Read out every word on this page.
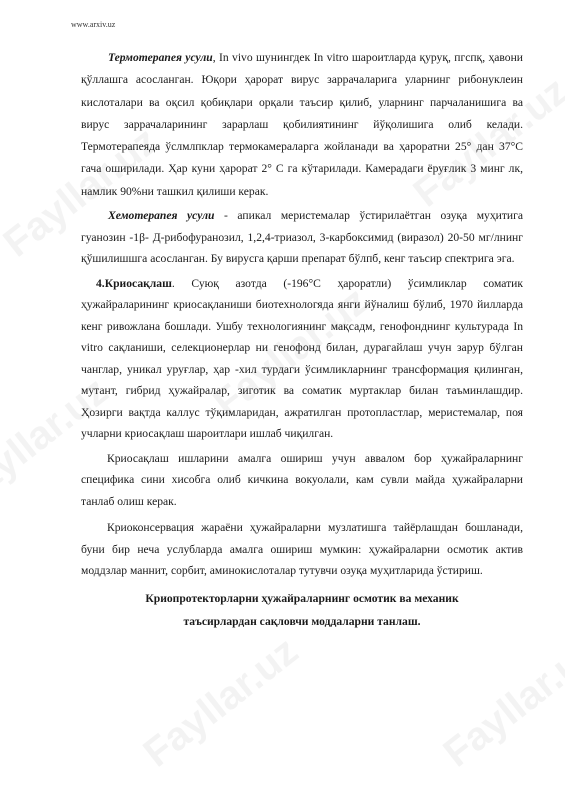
www.arxiv.uz

Термотерапея усули, In vivo шунингдек In vitro шароитларда қуруқ, пгспқ, ҳавони қўллашга асосланган. Юқори ҳарорат вирус заррачаларига уларнинг рибонуклеин кислоталари ва оқсил қобиқлари орқали таъсир қилиб, уларнинг парчаланишига ва вирус заррачаларининг зарарлаш қобилиятининг йўқолишига олиб келади. Термотерапеяда ўслмлпклар термокамераларга жойланади ва ҳароратни 25° дан 37°С гача оширилади. Ҳар куни ҳарорат 2° С га кўтарилади. Камерадаги ёруғлик 3 минг лк, намлик 90%ни ташкил қилиши керак.

Хемотерапея усули - апикал меристемалар ўстирилаётган озуқа муҳитига гуанозин -1β- Д-рибофуранозил, 1,2,4-триазол, 3-карбоксимид (виразол) 20-50 мг/лнинг қўшилишшга асосланган. Бу вирусга қарши препарат бўлпб, кенг таъсир спектрига эга.

4.Криосақлаш. Суюқ азотда (-196°С ҳароратли) ўсимликлар соматик ҳужайраларининг криосақланиши биотехнологяда янги йўналиш бўлиб, 1970 йилларда кенг ривожлана бошлади. Ушбу технологиянинг мақсадм, генофонднинг культурада In vitro сақланиши, селекционерлар ни генофонд билан, дурагайлаш учун зарур бўлган чанглар, уникал уруғлар, ҳар -хил турдаги ўсимликларнинг трансформация қилинган, мутант, гибрид ҳужайралар, зиготик ва соматик муртаклар билан таъминлашдир. Ҳозирги вақтда каллус тўқимларидан, ажратилган протопластлар, меристемалар, поя учларни криосақлаш шароитлари ишлаб чиқилган.

Криосақлаш ишларини амалга ошириш учун аввалом бор ҳужайраларнинг специфика сини хисобга олиб кичкина вокуолали, кам сувли майда ҳужайраларни танлаб олиш керак.

Криоконсервация жараёни ҳужайраларни музлатишга тайёрлашдан бошланади, буни бир неча услубларда амалга ошириш мумкин: ҳужайраларни осмотик актив моддзлар маннит, сорбит, аминокислоталар тутувчи озуқа муҳитларида ўстириш.

Криопротекторларни ҳужайраларнинг осмотик ва механик
таъсирлардан сақловчи моддаларни танлаш.
